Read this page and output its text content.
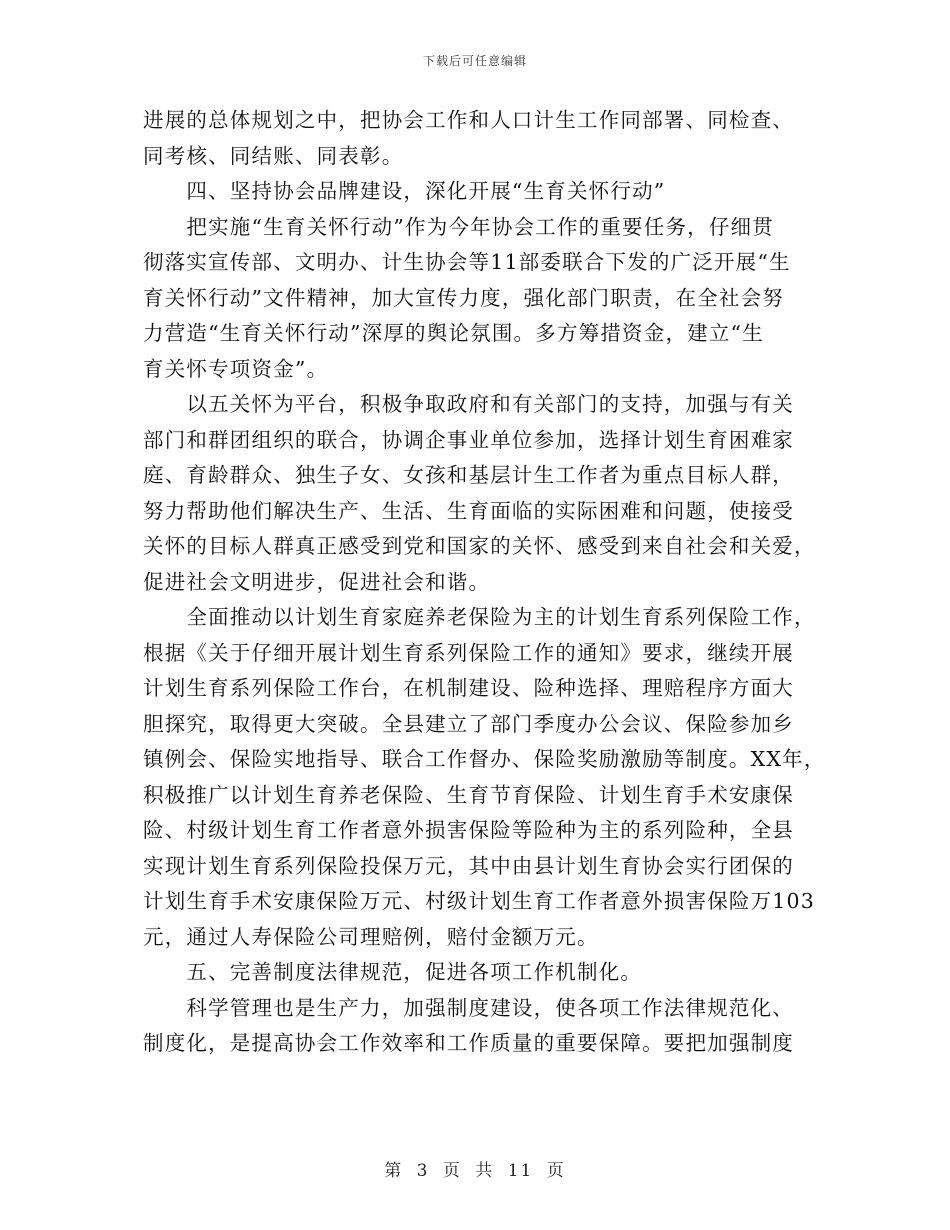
下载后可任意编辑
进展的总体规划之中，把协会工作和人口计生工作同部署、同检查、
同考核、同结账、同表彰。
　　四、坚持协会品牌建设，深化开展“生育关怀行动”
　　把实施“生育关怀行动”作为今年协会工作的重要任务，仔细贯
彻落实宣传部、文明办、计生协会等11部委联合下发的广泛开展“生
育关怀行动”文件精神，加大宣传力度，强化部门职责，在全社会努
力营造“生育关怀行动”深厚的舆论氛围。多方筹措资金，建立“生
育关怀专项资金”。
　　以五关怀为平台，积极争取政府和有关部门的支持，加强与有关
部门和群团组织的联合，协调企事业单位参加，选择计划生育困难家
庭、育龄群众、独生子女、女孩和基层计生工作者为重点目标人群，
努力帮助他们解决生产、生活、生育面临的实际困难和问题，使接受
关怀的目标人群真正感受到党和国家的关怀、感受到来自社会和关爱，
促进社会文明进步，促进社会和谐。
　　全面推动以计划生育家庭养老保险为主的计划生育系列保险工作，
根据《关于仔细开展计划生育系列保险工作的通知》要求，继续开展
计划生育系列保险工作台，在机制建设、险种选择、理赔程序方面大
胆探究，取得更大突破。全县建立了部门季度办公会议、保险参加乡
镇例会、保险实地指导、联合工作督办、保险奖励激励等制度。XX年，
积极推广以计划生育养老保险、生育节育保险、计划生育手术安康保
险、村级计划生育工作者意外损害保险等险种为主的系列险种，全县
实现计划生育系列保险投保万元，其中由县计划生育协会实行团保的
计划生育手术安康保险万元、村级计划生育工作者意外损害保险万103
元，通过人寿保险公司理赔例，赔付金额万元。
　　五、完善制度法律规范，促进各项工作机制化。
　　科学管理也是生产力，加强制度建设，使各项工作法律规范化、
制度化，是提高协会工作效率和工作质量的重要保障。要把加强制度
第 3 页 共 11 页
